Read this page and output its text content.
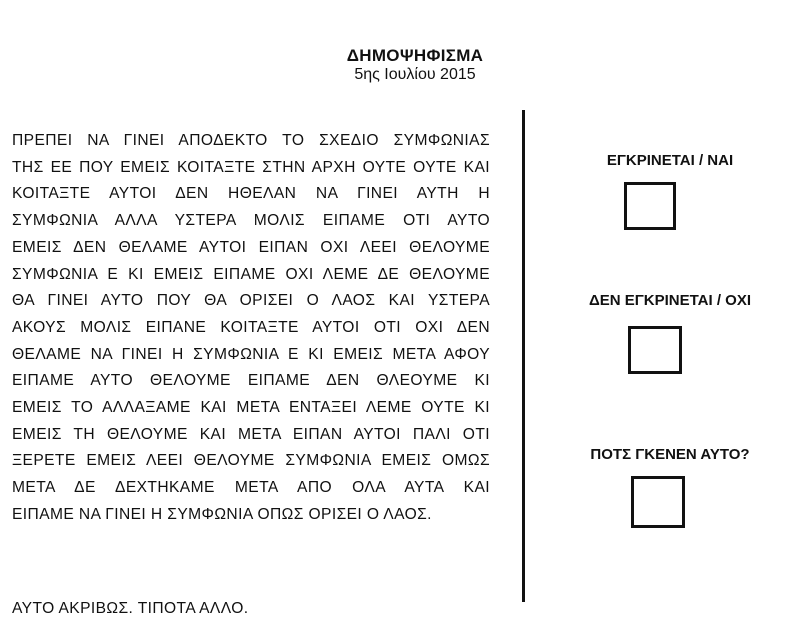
ΔΗΜΟΨΗΦΙΣΜΑ
5ης Ιουλίου 2015
ΠΡΕΠΕΙ ΝΑ ΓΙΝΕΙ ΑΠΟΔΕΚΤΟ ΤΟ ΣΧΕΔΙΟ ΣΥΜΦΩΝΙΑΣ
ΤΗΣ ΕΕ ΠΟΥ ΕΜΕΙΣ ΚΟΙΤΑΞΤΕ ΣΤΗΝ ΑΡΧΗ ΟΥΤΕ ΟΥΤΕ ΚΑΙ
ΚΟΙΤΑΞΤΕ ΑΥΤΟΙ ΔΕΝ ΗΘΕΛΑΝ ΝΑ ΓΙΝΕΙ ΑΥΤΗ Η
ΣΥΜΦΩΝΙΑ ΑΛΛΑ ΥΣΤΕΡΑ ΜΟΛΙΣ ΕΙΠΑΜΕ ΟΤΙ ΑΥΤΟ
ΕΜΕΙΣ ΔΕΝ ΘΕΛΑΜΕ ΑΥΤΟΙ ΕΙΠΑΝ ΟΧΙ ΛΕΕΙ ΘΕΛΟΥΜΕ
ΣΥΜΦΩΝΙΑ Ε ΚΙ ΕΜΕΙΣ ΕΙΠΑΜΕ ΟΧΙ ΛΕΜΕ ΔΕ ΘΕΛΟΥΜΕ
ΘΑ ΓΙΝΕΙ ΑΥΤΟ ΠΟΥ ΘΑ ΟΡΙΣΕΙ Ο ΛΑΟΣ ΚΑΙ ΥΣΤΕΡΑ
ΑΚΟΥΣ ΜΟΛΙΣ ΕΙΠΑΝΕ ΚΟΙΤΑΞΤΕ ΑΥΤΟΙ ΟΤΙ ΟΧΙ ΔΕΝ
ΘΕΛΑΜΕ ΝΑ ΓΙΝΕΙ Η ΣΥΜΦΩΝΙΑ Ε ΚΙ ΕΜΕΙΣ ΜΕΤΑ ΑΦΟΥ
ΕΙΠΑΜΕ ΑΥΤΟ ΘΕΛΟΥΜΕ ΕΙΠΑΜΕ ΔΕΝ ΘΛΕΟΥΜΕ ΚΙ
ΕΜΕΙΣ ΤΟ ΑΛΛΑΞΑΜΕ ΚΑΙ ΜΕΤΑ ΕΝΤΑΞΕΙ ΛΕΜΕ ΟΥΤΕ ΚΙ
ΕΜΕΙΣ ΤΗ ΘΕΛΟΥΜΕ ΚΑΙ ΜΕΤΑ ΕΙΠΑΝ ΑΥΤΟΙ ΠΑΛΙ ΟΤΙ
ΞΕΡΕΤΕ ΕΜΕΙΣ ΛΕΕΙ ΘΕΛΟΥΜΕ ΣΥΜΦΩΝΙΑ ΕΜΕΙΣ ΟΜΩΣ
ΜΕΤΑ ΔΕ ΔΕΧΤΗΚΑΜΕ ΜΕΤΑ ΑΠΟ ΟΛΑ ΑΥΤΑ ΚΑΙ
ΕΙΠΑΜΕ ΝΑ ΓΙΝΕΙ Η ΣΥΜΦΩΝΙΑ ΟΠΩΣ ΟΡΙΣΕΙ Ο ΛΑΟΣ.
ΑΥΤΟ ΑΚΡΙΒΩΣ. ΤΙΠΟΤΑ ΑΛΛΟ.
ΕΓΚΡΙΝΕΤΑΙ / ΝΑΙ
ΔΕΝ ΕΓΚΡΙΝΕΤΑΙ / ΟΧΙ
ΠΟΤΣ ΓΚΕΝΕΝ ΑΥΤΟ?
